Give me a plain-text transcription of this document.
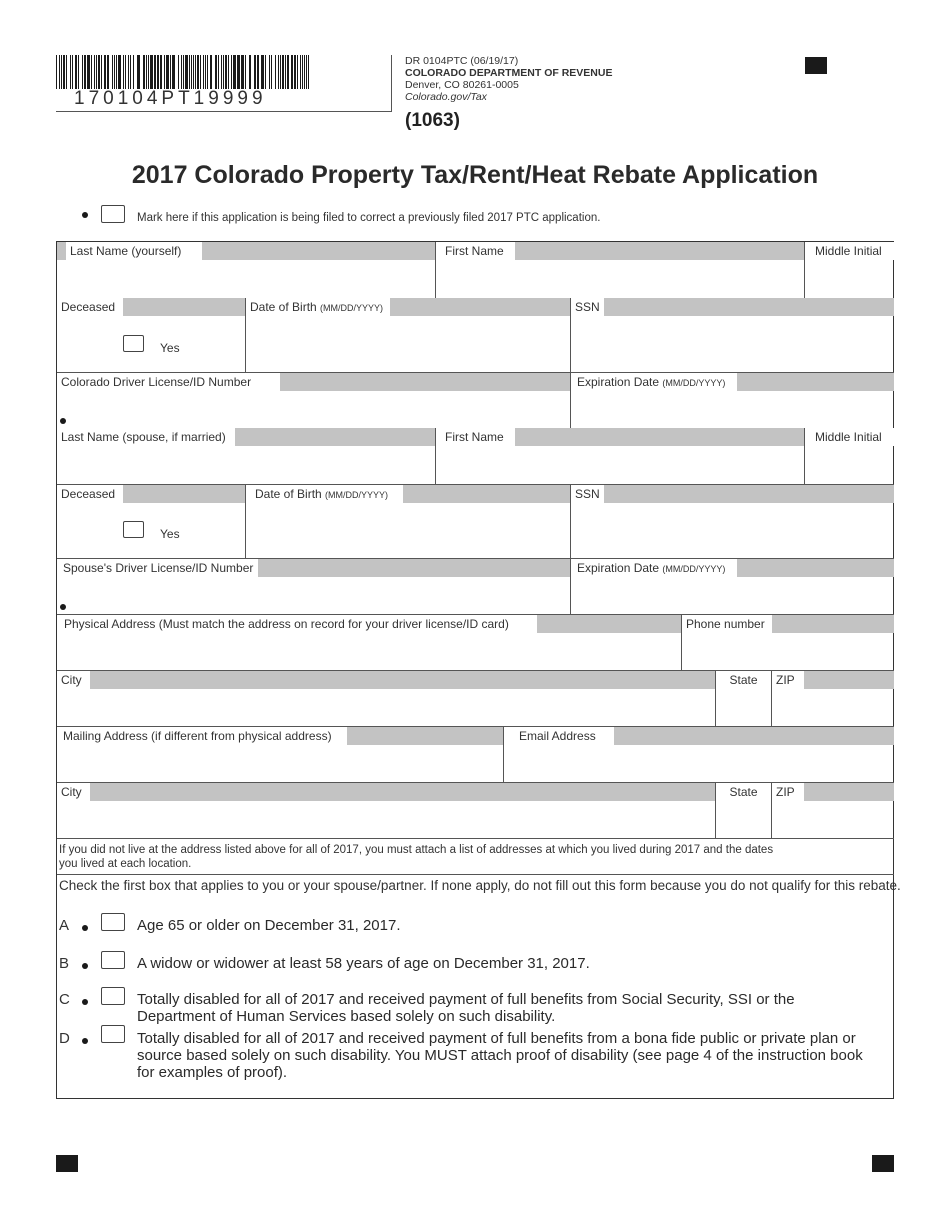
170104PT19999
DR 0104PTC (06/19/17)
COLORADO DEPARTMENT OF REVENUE
Denver, CO 80261-0005
Colorado.gov/Tax
(1063)
2017 Colorado Property Tax/Rent/Heat Rebate Application
Mark here if this application is being filed to correct a previously filed 2017 PTC application.
Last Name (yourself)	First Name	Middle Initial
Deceased	Date of Birth (MM/DD/YYYY)	SSN
Yes
Colorado Driver License/ID Number	Expiration Date (MM/DD/YYYY)
Last Name (spouse, if married)	First Name	Middle Initial
Deceased	Date of Birth (MM/DD/YYYY)	SSN
Yes
Spouse's Driver License/ID Number	Expiration Date (MM/DD/YYYY)
Physical Address (Must match the address on record for your driver license/ID card)	Phone number
City	State	ZIP
Mailing Address (if different from physical address)	Email Address
City	State	ZIP
If you did not live at the address listed above for all of 2017, you must attach a list of addresses at which you lived during 2017 and the dates
you lived at each location.
Check the first box that applies to you or your spouse/partner. If none apply, do not fill out this form because you do not qualify for this rebate.
A	Age 65 or older on December 31, 2017.
B	A widow or widower at least 58 years of age on December 31, 2017.
C	Totally disabled for all of 2017 and received payment of full benefits from Social Security, SSI or the
Department of Human Services based solely on such disability.
D	Totally disabled for all of 2017 and received payment of full benefits from a bona fide public or private plan or
source based solely on such disability. You MUST attach proof of disability (see page 4 of the instruction book
for examples of proof).
